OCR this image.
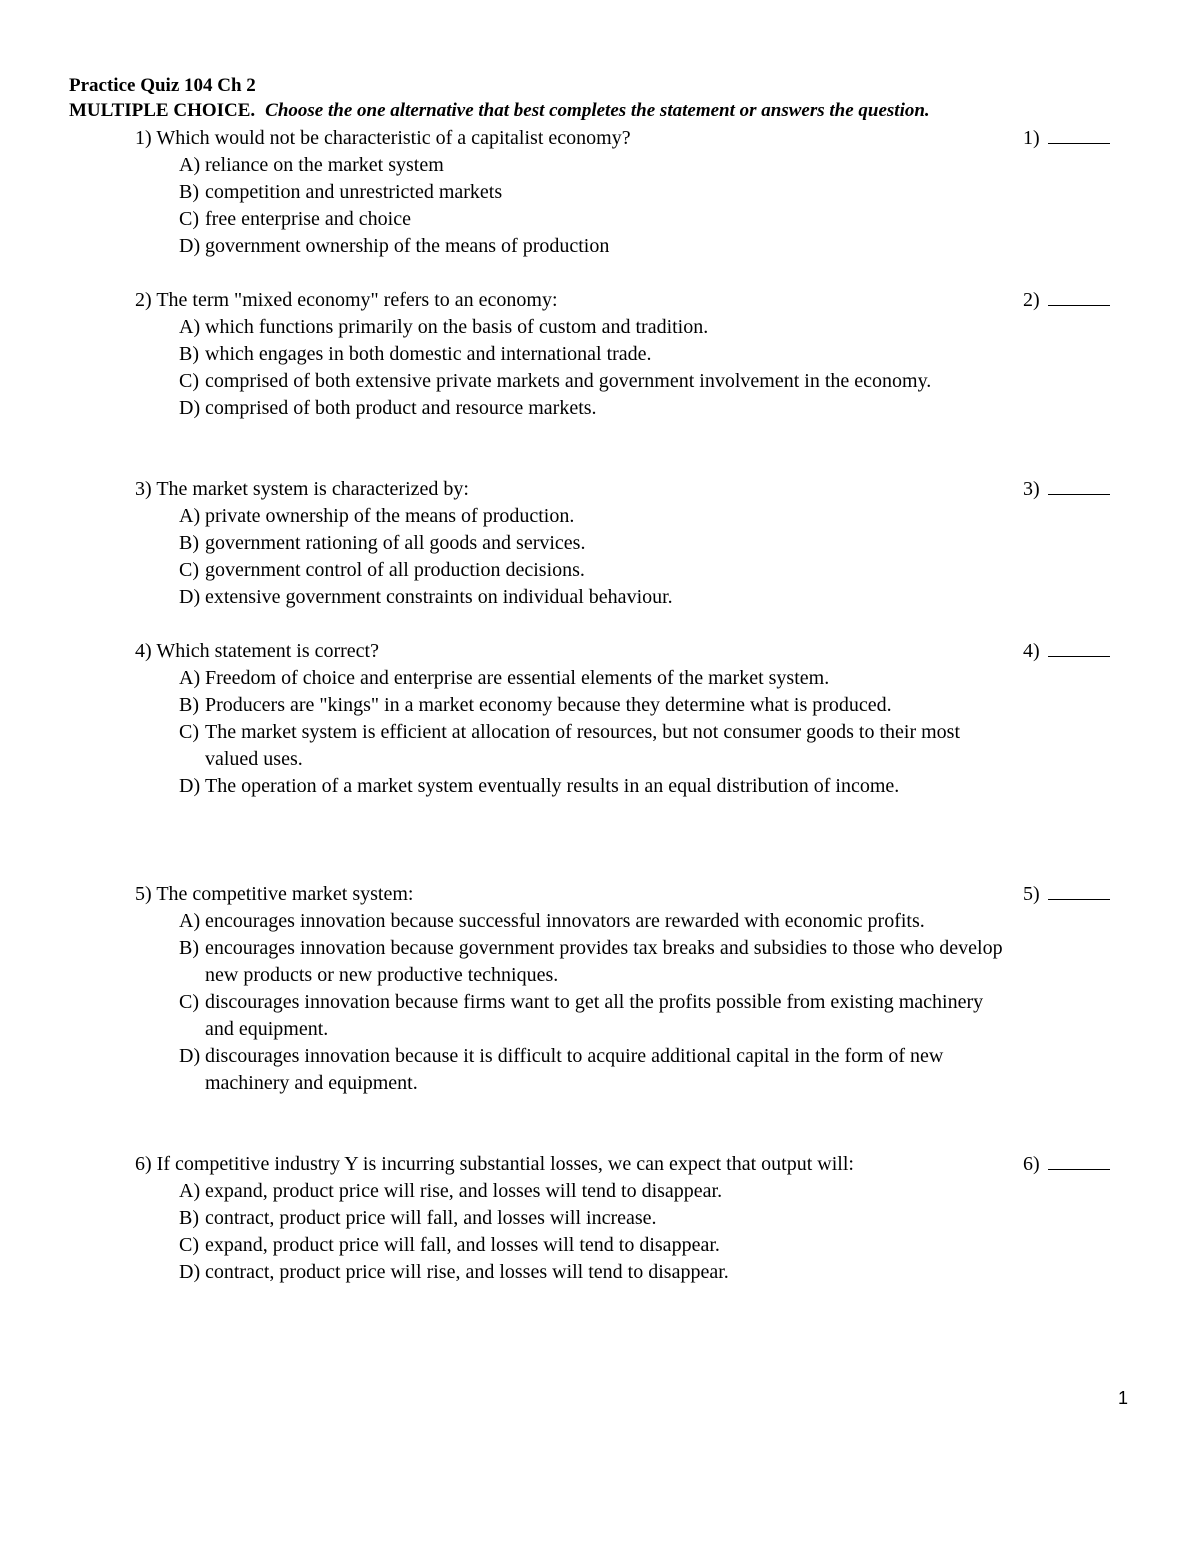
Practice Quiz 104 Ch 2
MULTIPLE CHOICE. Choose the one alternative that best completes the statement or answers the question.
1) Which would not be characteristic of a capitalist economy?	1)
A) reliance on the market system
B) competition and unrestricted markets
C) free enterprise and choice
D) government ownership of the means of production
2) The term "mixed economy" refers to an economy:	2)
A) which functions primarily on the basis of custom and tradition.
B) which engages in both domestic and international trade.
C) comprised of both extensive private markets and government involvement in the economy.
D) comprised of both product and resource markets.
3) The market system is characterized by:	3)
A) private ownership of the means of production.
B) government rationing of all goods and services.
C) government control of all production decisions.
D) extensive government constraints on individual behaviour.
4) Which statement is correct?	4)
A) Freedom of choice and enterprise are essential elements of the market system.
B) Producers are "kings" in a market economy because they determine what is produced.
C) The market system is efficient at allocation of resources, but not consumer goods to their most valued uses.
D) The operation of a market system eventually results in an equal distribution of income.
5) The competitive market system:	5)
A) encourages innovation because successful innovators are rewarded with economic profits.
B) encourages innovation because government provides tax breaks and subsidies to those who develop new products or new productive techniques.
C) discourages innovation because firms want to get all the profits possible from existing machinery and equipment.
D) discourages innovation because it is difficult to acquire additional capital in the form of new machinery and equipment.
6) If competitive industry Y is incurring substantial losses, we can expect that output will:	6)
A) expand, product price will rise, and losses will tend to disappear.
B) contract, product price will fall, and losses will increase.
C) expand, product price will fall, and losses will tend to disappear.
D) contract, product price will rise, and losses will tend to disappear.
1
